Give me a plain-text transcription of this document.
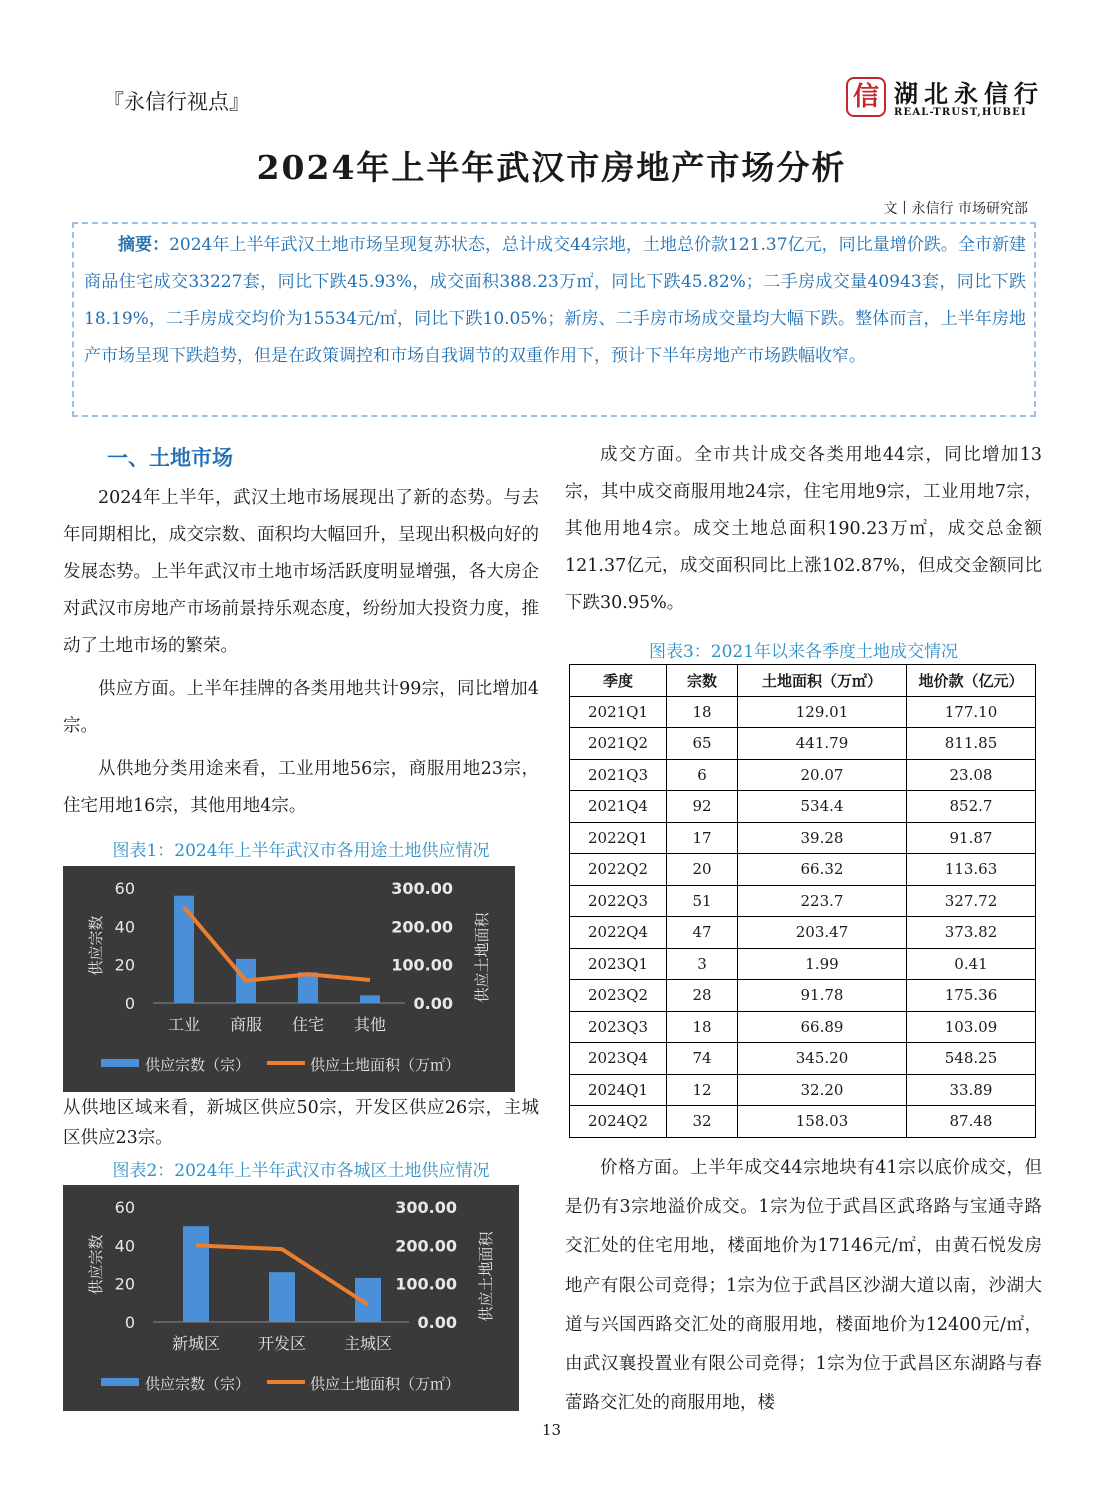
『永信行视点』	信 湖北永信行
REAL-TRUST,HUBEI
2024年上半年武汉市房地产市场分析
文丨永信行 市场研究部
摘要：2024年上半年武汉土地市场呈现复苏状态，总计成交44宗地，土地总价款121.37亿元，同比量增价跌。全市新建商品住宅成交33227套，同比下跌45.93%，成交面积388.23万㎡，同比下跌45.82%；二手房成交量40943套，同比下跌18.19%，二手房成交均价为15534元/㎡，同比下跌10.05%；新房、二手房市场成交量均大幅下跌。整体而言，上半年房地产市场呈现下跌趋势，但是在政策调控和市场自我调节的双重作用下，预计下半年房地产市场跌幅收窄。
一、土地市场

2024年上半年，武汉土地市场展现出了新的态势。与去年同期相比，成交宗数、面积均大幅回升，呈现出积极向好的发展态势。上半年武汉市土地市场活跃度明显增强，各大房企对武汉市房地产市场前景持乐观态度，纷纷加大投资力度，推动了土地市场的繁荣。

供应方面。上半年挂牌的各类用地共计99宗，同比增加4宗。

从供地分类用途来看，工业用地56宗，商服用地23宗，住宅用地16宗，其他用地4宗。

图表1：2024年上半年武汉市各用途土地供应情况
0
20
40
60
0.00
100.00
200.00
300.00
供应宗数	供应土地面积
工业 商服 住宅 其他
供应宗数（宗）	供应土地面积（万㎡）

从供地区域来看，新城区供应50宗，开发区供应26宗，主城区供应23宗。

图表2：2024年上半年武汉市各城区土地供应情况
0
20
40
60
0.00
100.00
200.00
300.00
供应宗数	供应土地面积
新城区 开发区 主城区
供应宗数（宗）	供应土地面积（万㎡）

成交方面。全市共计成交各类用地44宗，同比增加13宗，其中成交商服用地24宗，住宅用地9宗，工业用地7宗，其他用地4宗。成交土地总面积190.23万㎡，成交总金额121.37亿元，成交面积同比上涨102.87%，但成交金额同比下跌30.95%。

图表3：2021年以来各季度土地成交情况
季度	宗数	土地面积（万㎡）	地价款（亿元）
2021Q1	18	129.01	177.10
2021Q2	65	441.79	811.85
2021Q3	6	20.07	23.08
2021Q4	92	534.4	852.7
2022Q1	17	39.28	91.87
2022Q2	20	66.32	113.63
2022Q3	51	223.7	327.72
2022Q4	47	203.47	373.82
2023Q1	3	1.99	0.41
2023Q2	28	91.78	175.36
2023Q3	18	66.89	103.09
2023Q4	74	345.20	548.25
2024Q1	12	32.20	33.89
2024Q2	32	158.03	87.48

价格方面。上半年成交44宗地块有41宗以底价成交，但是仍有3宗地溢价成交。1宗为位于武昌区武珞路与宝通寺路交汇处的住宅用地，楼面地价为17146元/㎡，由黄石悦发房地产有限公司竞得；1宗为位于武昌区沙湖大道以南，沙湖大道与兴国西路交汇处的商服用地，楼面地价为12400元/㎡，由武汉襄投置业有限公司竞得；1宗为位于武昌区东湖路与春蕾路交汇处的商服用地，楼

13
